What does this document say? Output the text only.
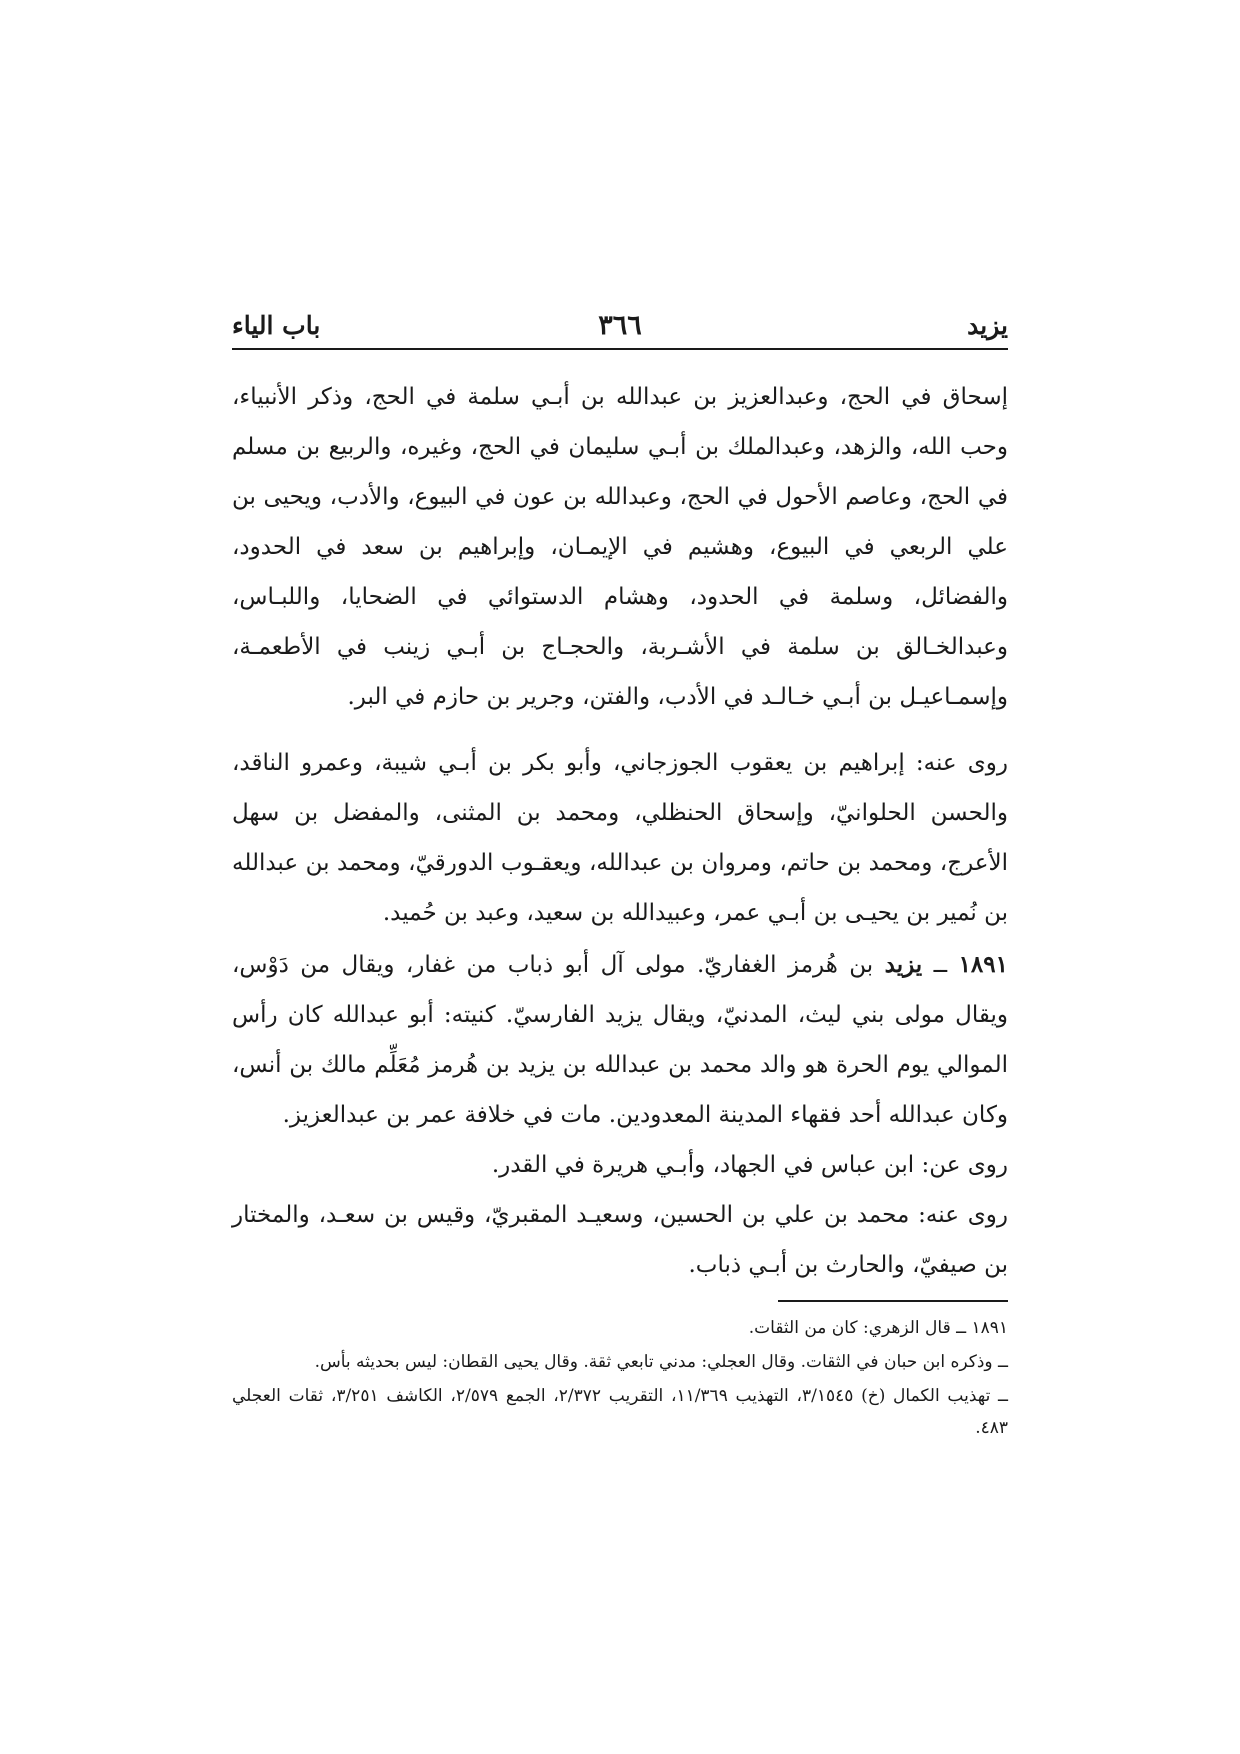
يزيد
٣٦٦
باب الياء

إسحاق في الحج، وعبدالعزيز بن عبدالله بن أبـي سلمة في الحج، وذكر الأنبياء، وحب الله، والزهد، وعبدالملك بن أبـي سليمان في الحج، وغيره، والربيع بن مسلم في الحج، وعاصم الأحول في الحج، وعبدالله بن عون في البيوع، والأدب، ويحيى بن علي الربعي في البيوع، وهشيم في الإيمـان، وإبراهيم بن سعد في الحدود، والفضائل، وسلمة في الحدود، وهشام الدستوائي في الضحايا، واللبـاس، وعبدالخـالق بن سلمة في الأشـربة، والحجـاج بن أبـي زينب في الأطعمـة، وإسمـاعيـل بن أبـي خـالـد في الأدب، والفتن، وجرير بن حازم في البر.

روى عنه: إبراهيم بن يعقوب الجوزجاني، وأبو بكر بن أبـي شيبة، وعمرو الناقد، والحسن الحلوانيّ، وإسحاق الحنظلي، ومحمد بن المثنى، والمفضل بن سهل الأعرج، ومحمد بن حاتم، ومروان بن عبدالله، ويعقـوب الدورقيّ، ومحمد بن عبدالله بن نُمير بن يحيـى بن أبـي عمر، وعبيدالله بن سعيد، وعبد بن حُميد.

١٨٩١ ــ يزيد بن هُرمز الغفاريّ. مولى آل أبو ذباب من غفار، ويقال من دَوْس، ويقال مولى بني ليث، المدنيّ، ويقال يزيد الفارسيّ. كنيته: أبو عبدالله كان رأس الموالي يوم الحرة هو والد محمد بن عبدالله بن يزيد بن هُرمز مُعَلِّم مالك بن أنس، وكان عبدالله أحد فقهاء المدينة المعدودين. مات في خلافة عمر بن عبدالعزيز.

روى عن: ابن عباس في الجهاد، وأبـي هريرة في القدر.

روى عنه: محمد بن علي بن الحسين، وسعيـد المقبريّ، وقيس بن سعـد، والمختار بن صيفيّ، والحارث بن أبـي ذباب.

١٨٩١ ــ قال الزهري: كان من الثقات.

ــ وذكره ابن حبان في الثقات. وقال العجلي: مدني تابعي ثقة. وقال يحيى القطان: ليس بحديثه بأس.

ــ تهذيب الكمال (خ) ٣/١٥٤٥، التهذيب ١١/٣٦٩، التقريب ٢/٣٧٢، الجمع ٢/٥٧٩، الكاشف ٣/٢٥١، ثقات العجلي ٤٨٣.
